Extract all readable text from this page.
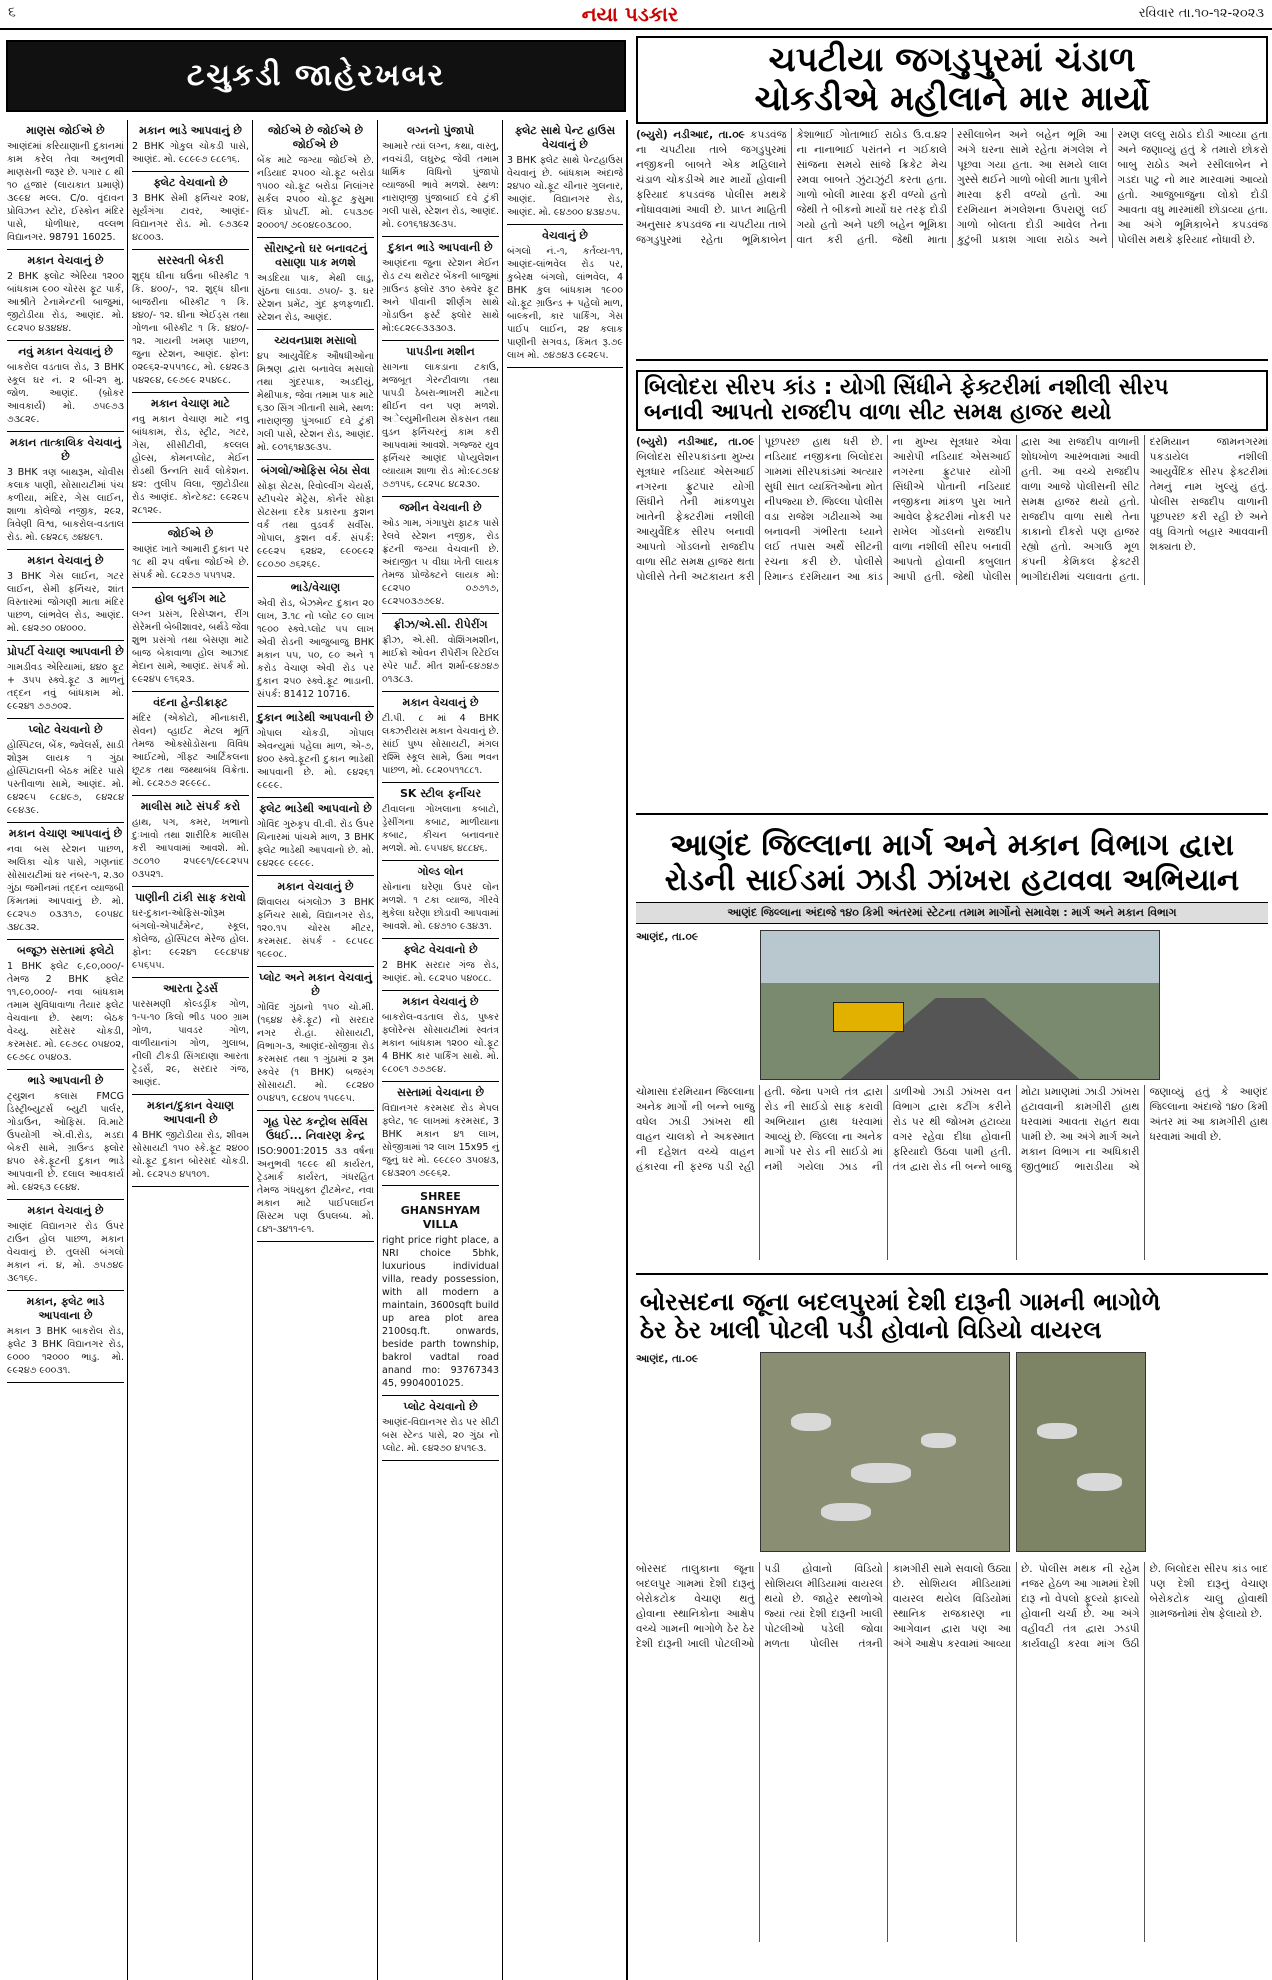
૬	નયા પડકાર	રવિવાર તા.૧૦-૧૨-૨૦૨૩
ટચુકડી જાહેરખબર
માણસ જોઈએ છે
આણંદમાં કરિયાણાની દુકાનમાં કામ કરેલ તેવા અનુભવી માણસની જરૂર છે. પગાર ૮ થી ૧૦ હજાર (લાયકાત પ્રમાણે) ૩૯૯૪ મલ્લ. C/o. વૃંદાવન પ્રોવિઝન સ્ટોર, ઈસ્કોન મંદિર પાસે, ધોળીધાર, વલ્લભ વિદ્યાનગર. 98791 16025.
મકાન વેચવાનું છે
2 BHK ફ્લોટ એરિયા ૧૨૦૦ બાંધકામ ૯૦૦ ચોરસ ફૂટ પાર્ક, આશ્રીતે ટેનામેન્ટની બાજુમાં, જીટોડીયા રોડ, આણંદ. મો. ૯૮૨૫૦ ૪૩૪૪૪.
નવું મકાન વેચવાનું છે
બાકરોલ વડતાલ રોડ, 3 BHK સ્કૂલ ઘર નં. ૨ બી-૨૧ મુ. જોળ. આણંદ. (બ્રોકર આવકાર્ય) મો. ૭૫૯૭૩ ૭૩૮૨૯.
મકાન તાત્કાલિક વેચવાનું છે
3 BHK ત્રણ બાથરૂમ, ચોવીસ કલાક પાણી, સોસાયટીમાં પંચ કળીયા, મંદિર, ગેસ લાઈન, શાળા કોલેજો નજીક, ૨૯૨, ત્રિવેણી વિશ્વ, બાકરોલ-વડતાલ રોડ. મો. ૯૪૨૮૬ ૭૪૪૯૧.
મકાન વેચવાનું છે
3 BHK ગેસ લાઈન, ગટર લાઈન, સેમી ફર્નિચર, શાંત વિસ્તારમાં જોગણી માતા મંદિર પાછળ, લાંભવેલ રોડ, આણંદ. મો. ૯૪૨૭૦ ૦૪૦૦૦.
પ્રોપર્ટી વેચાણ આપવાની છે
ગામડીવડ એરિયામાં, ૪૪૦ ફૂટ + ૩૫૫ સ્ક્વે.ફૂટ ૩ માળનું તદ્દન નવું બાંધકામ મો. ૯૯૨૪૧ ૭૭૭૦૨.
પ્લોટ વેચવાનો છે
હોસ્પિટલ, બેંક, જ્વેલર્સ, સાડી શોરૂમ લાયક ૧ ગુંઠા હોસ્પિટાલની બેઠક મંદિર પાસે પસ્તીવાળા સામે, આણંદ. મો. ૯૪૨૯૫ ૯૮૪૯૭, ૯૪૨૮૪ ૯૯૪૩૯.
મકાન વેચાણ આપવાનું છે
નવા બસ સ્ટેશન પાછળ, અલિકા ચોક પાસે, ગણનાંદ સોસાયટીમાં ઘર નંબર-૧, ૨.૩૦ ગુંઠા જમીનમાં તદ્દન વ્યાજબી કિંમતમાં આપવાનું છે. મો. ૯૮૨૫૭ ૦૩૩૧૭, ૯૦૫૪૮ ૩૪૮૩૨.
બજૂઝ સસ્તામાં ફ્લેટો
1 BHK ફ્લેટ ૯,૯૦,૦૦૦/- તેમજ 2 BHK ફ્લેટ ૧૧,૯૦,૦૦૦/- નવા બાંધકામ તમામ સુવિધાવાળા તૈયાર ફ્લેટ વેચવાના છે. સ્થળ: બેઠક વેચ્યુ. સદેસર ચોકડી, કરમસદ. મો. ૯૯૭૯૮ ૦૫૪૦૨, ૯૯૭૯૮ ૦૫૪૦૩.
ભાડે આપવાની છે
ટ્યુશન કલાસ FMCG ડિસ્ટ્રીબ્યુટર્સ બ્યુટી પાર્લર, ગોડાઉન, ઓફિસ. વિ.માટે ઉપયોગી એ.વી.રોડ, મડદા બેકરી સામે, ગ્રાઉન્ડ ફ્લોર ૪૫૦ સ્કે.ફૂટની દુકાન ભાડે આપવાની છે. દલાલ આવકાર્ય મો. ૯૪૨૬૩ ૯૯૪૪.
મકાન વેચવાનું છે
આણંદ વિદ્યાનગર રોડ ઉપર ટાઉન હોલ પાછળ, મકાન વેચવાનું છે. તુલસી બંગલો મકાન નં. ૪, મો. ૭૫૭૪૯ ૩૯૧૬૯.
મકાન, ફ્લેટ ભાડે આપવાના છે
મકાન 3 BHK બાકરોલ રોડ, ફ્લેટ 3 BHK વિદ્યાનગર રોડ, ૯૦૦૦ ૧૨૦૦૦ ભાડુ. મો. ૯૯૨૪૭ ૯૦૦૩૧.
મકાન ભાડે આપવાનું છે
2 BHK ગોકુલ ચોકડી પાસે, આણંદ. મો. ૯૮૯૯૭ ૯૮૯૧૬.
ફ્લેટ વેચવાનો છે
3 BHK સેમી ફર્નિચર ૨૦૪, સૂર્યગંગા ટાવર, આણંદ-વિદ્યાનગર રોડ. મો. ૯૭૩૯૨ ૪૮૦૦૩.
સરસ્વતી બેકરી
શુદ્ધ ઘીના ઘઉંના બીસ્કીટ ૧ કિ. ૪૦૦/-, ૧૨. શુદ્ધ ઘીના બાજરીના બીસ્કીટ ૧ કિ. ૪૪૦/- ૧૨. ઘીના એઈડ્સ તથા ગોળના બીસ્કીટ ૧ કિ. ૪૪૦/- ૧૨. ગાયની ખમણ પાછળ, જુના સ્ટેશન, આણંદ. ફોન: ૦૨૯૬૨-૨૫૫૧૯૮, મો. ૯૪૨૯૩ ૫૪૨૯૪, ૯૯૭૯૯ ૨૫૪૯૮.
મકાન વેચાણ માટે
નવુ મકાન વેચાણ માટે નવુ બાંધકામ, રોડ, સ્ટ્રીટ, ગટર, ગેસ, સીસીટીવી, કલ્લલ હોલ્સ, કોમનપ્લોટ, મેઈન રોડથી ઉન્નતિ સાર્વ લોકેશન. ૪૨: તુલીપ વિલા, જીટોડીયા રોડ આણંદ. કોન્ટેક્ટ: ૯૯૨૯૫ ૨૮૧૨૯.
જોઈએ છે
આણંદ ખાતે આમારી દુકાન પર ૧૮ થી ૨૫ વર્ષના જોઈએ છે. સંપર્ક મો. ૯૮૨૭૭ ૫૫૧૫૨.
હોલ બુકીંગ માટે
લગ્ન પ્રસંગ, રિસેપ્શન, રીંગ સેરેમની બેબીશાવર, બર્થડે જેવા શુભ પ્રસંગો તથા બેસણા માટે બાજ બેકાવાળા હોલ આઝાદ મેદાન સામે, આણંદ. સંપર્ક મો. ૯૯૨૪૫ ૯૧૬૨૩.
વંદના હેન્ડીક્રાફ્ટ
મંદિર (એકોટો, મીનાકારી, સેવન) વ્હાઈટ મેટલ મૂર્તિ તેમજ ઓક્સોડોસના વિવિધ આઈટમો, ગીફ્ટ આર્ટિકલના છૂટક તથા જથ્થાબંધ વિક્રેતા. મો. ૯૮૨૭૭ ૨૯૯૯૮.
માલીસ માટે સંપર્ક કરો
હાથ, પગ, કમર, ખભાનો દુઃખાવો તથા શારીરિક માલીસ કરી આપવામાં આવશે. મો. ૭૮૦૧૦ ૨૫૯૯૧/૯૯૮૨૫૫ ૦૩૫૨૧.
પાણીની ટાંકી સાફ કરાવો
ઘર-દુકાન-ઓફિસ-શોરૂમ બંગલો-એપાર્ટમેન્ટ, સ્કૂલ, કોલેજ, હોસ્પિટલ મેરેજ હોલ. ફોન: ૯૯૨૪૧ ૯૯૮૪૫૪ ૯૫૬૫૫.
આરતા ટ્રેડર્સ
પારસમણી કોલ્ડડ્રીંક ગોળ, ૧-૫-૧૦ કિલો ભીડ ૫૦૦ ગ્રામ ગોળ, પાવડર ગોળ, વાળીયાનાંગ ગોળ, ગુલાબ, નીલી ટીકડી સિંગદાણા આરતા ટ્રેડર્સ, ૨૯, સરદાર ગંજ, આણંદ.
મકાન/દુકાન વેચાણ આપવાની છે
4 BHK જીટોડીયા રોડ, શીવમ સોસાયટી ૧૫૦ સ્કે.ફૂટ ૨૪૦૦ ચો.ફૂટ દુકાન બોરસદ ચોકડી. મો. ૯૮૨૫૭ ૪૫૧૦૧.
જોઈએ છે જોઈએ છે જોઈએ છે
બેંક માટે જગ્યા જોઈએ છે. નડિયાદ ૨૫૦૦ ચો.ફૂટ બરોડા ૧૫૦૦ ચો.ફૂટ બરોડા નિલાંગર સર્કલ ૨૫૦૦ ચો.ફૂટ કુસુમા લિંક પ્રોપર્ટી. મો. ૯૫૩૭૯ ૨૦૦૦૧/ ૭૯૦૪૯૦૩૮૦૦.
સૌરાષ્ટ્રનો ઘર બનાવટનું વસાણા પાક મળશે
અડદિયા પાક, મેથી લાડુ, સુંઠના લાડવા. ૭૫૦/- રૂ. ઘર સ્ટેશન પ્રમેંટ, ગુંદ ફળફળાદી. સ્ટેશન રોડ, આણંદ.
ચ્યવનપ્રાશ મસાલો
૪૫ આયુર્વેદિક ઔષધીઓના મિશ્રણ દ્વારા બનાવેલ મસાલો તથા ગુંદરપાક, અડદીયું, મેથીપાક, જેવા તમામ પાક માટે ૬૩૦ સિંગ ગીતાની સામે, સ્થળ: નારાણજી પુંગબાઈ દવે ટુંકી ગલી પાસે, સ્ટેશન રોડ, આણંદ. મો. ૯૦૧૬૧૪૩૯૩૫.
બંગલો/ઓફિસ બેઠા સેવા
સોફા સેટસ, રિવોલ્વીંગ ચેયર્સ, સ્ટીપચેર મેટ્રેસ, કોર્નર સોફા સેટસના દરેક પ્રકારના કુશન વર્ક તથા વુડવર્ક સર્વીસ. ગોપાલ, કુશન વર્ક. સંપર્ક: ૯૯૯૨૫ ૬૨૪૨, ૯૯૦૯૯૨ ૯૮૦૭૦ ૭૬૨૬૯.
ભાડે/વેચાણ
એવી રોડ, બેઝમેન્ટ દુકાન ૨૦ લાખ, 3.૧૮ નો પ્લોટ ૯૦ લાખ ૧૯૦૦ સ્ક્વે.પ્લોટ ૫૫ લાખ એવી રોડની આજુબાજુ BHK મકાન ૫૫, ૫૦, ૯૦ અને ૧ કરોડ વેચાણ એવી રોડ પર દુકાન ૨૫૦ સ્ક્વે.ફૂટ ભાડાની. સંપર્ક: 81412 10716.
દુકાન ભાડેથી આપવાની છે
ગોપાલ ચોકડી, ગોપાલ એવન્યુમાં પહેલા માળ, એ-૭, ૪૦૦ સ્ક્વે.ફૂટની દુકાન ભાડેથી આપવાની છે. મો. ૯૪૨૬૧ ૯૯૯૯.
ફ્લેટ ભાડેથી આપવાનો છે
ગોવિંદ ગુરુકૃપ વી.વી. રોડ ઉપર ચિનારમાં પાંચમે માળ, 3 BHK ફ્લેટ ભાડેથી આપવાનો છે. મો. ૯૪૨૯૯ ૯૯૯૯.
મકાન વેચવાનું છે
શિવાલય બંગલોઝ 3 BHK ફર્નિચર સાથે, વિદ્યાનગર રોડ, ૧૨૦.૧૫ ચોરસ મીટર, કરમસદ. સંપર્ક - ૯૮૫૯૮ ૧૯૯૦૮.
પ્લોટ અને મકાન વેચવાનું છે
ગોવિંદ ગુંઠાનો ૧૫૦ ચો.મી. (૧૬૪૪ સ્કે.ફૂટ) નો સરદાર નગર રો.હા. સોસાયટી, વિભાગ-૩, આણંદ-સોજીત્રા રોડ કરમસદ તથા ૧ ગુંઠામાં ૨ રૂમ સ્કવેર (૧ BHK) બજરંગ સોસાયટી. મો. ૯૮૨૪૦ ૦૫૪૫૧, ૯૮૪૦૫ ૧૫૯૯૫.
ગૃહ પેસ્ટ કન્ટ્રોલ સર્વિસ ઉધઈ... નિવારણ કેન્દ્ર
ISO:9001:2015 ૩૩ વર્ષના અનુભવી ૧૯૯૯ થી કાર્યરત, ટ્રેડમાર્ક કાર્યરત, ગંધરહિત તેમજ ગંધયુક્ત ટ્રીટમેન્ટ, નવા મકાન માટે પાઈપલાઈન સિસ્ટમ પણ ઉપલબ્ધ. મો. ૮૪૧-૩૪૧૧-૯૧.
લગ્નનો પુંજાપો
આમારે ત્યાં લગ્ન, કથા, વાસ્તુ, નવચંડી, લઘુરુદ્ર જેવી તમામ ધાર્મિક વિધિનો પુંજાપો વ્યાજબી ભાવે મળશે. સ્થળ: નારાણજી પુંજાબાઈ દવે ટુંકી ગલી પાસે, સ્ટેશન રોડ, આણંદ. મો. ૯૦૧૬૧૪૩૯૩૫.
દુકાન ભાડે આપવાની છે
આણંદના જુના સ્ટેશન મેઈન રોડ ટચ થરોટર બેંકની બાજુમાં ગ્રાઉન્ડ ફ્લોર ૩૧૦ સ્ક્વેર ફૂટ અને પીવાની શીર્ણગ સાથે ગોડાઉન ફર્સ્ટ ફ્લોર સાથે મો:૯૮૨૯૯૩૩૩૦૩.
પાપડીના મશીન
સાગના લાકડાના ટકાઉ, મજબૂત ગેરન્ટીવાળા તથા પાપડી ઠેબરા-ભાખરી માટેના થીઈન વન પણ મળશે. અેલ્યુમીનીયમ સેકસન તથા વુડન ફર્નિચરનું કામ કરી આપવામાં આવશે. ગજ્જર યુવ ફર્નિચર આણંદ પોપ્યુલેશન વ્યાયામ શાળા રોડ મો:૯૮૭૯૪ ૭૭૧૫૬, ૯૮૨૫૮ ૪૮૨૩૦.
જમીન વેચવાની છે
ઓડ ગામ, ગંગાપુરા ફાટક પાસે રેલવે સ્ટેશન નજીક, રોડ ફ્રંટની જગ્યા વેચવાની છે. અંદાજીત ૫ વીઘા ખેતી લાયક તેમજ પ્રોજેક્ટને લાયક મો: ૯૮૨૫૦ ૦૭૭૧૭, ૯૮૨૫૦૩૭૭૯૪.
ફ્રીઝ/એ.સી. રીપેરીંગ
ફ્રીઝ, એ.સી. વોશિંગમશીન, માઈક્રો ઓવન રીપેરીંગ રિટેઈલ સ્પેર પાર્ટ. મીત શર્મા-૯૪૭૪૭ ૦૧૩૮૩.
મકાન વેચવાનું છે
ટી.પી. ૮ માં 4 BHK લક્ઝરીયસ મકાન વેચવાનું છે. સાંઈ પુષ્પ સોસાયટી, મંગલ રશ્મિ સ્કૂલ સામે, ઉમા ભવન પાછળ, મો. ૯૮૨૦૫૧૧૮૮૧.
SK સ્ટીલ ફર્નીચર
ટીવાલના ગોખલાના કબાટો, ડ્રેસીંગના કબાટ, માળીયાના કબાટ, કીચન બનાવનાર મળશે. મો. ૯૫૫૪૬ ૪૮૮૪૬.
ગોલ્ડ લોન
સોનાના ઘરેણા ઉપર લોન મળશે. ૧ ટકા વ્યાજ, ગીરવે મુકેલા ઘરેણા છોડાવી આપવામાં આવશે. મો. ૯૪૭૧૦ ૯૩૪૩૧.
ફ્લેટ વેચવાનો છે
2 BHK સરદાર ગંજ રોડ, આણંદ. મો. ૯૮૨૫૦ ૫૪૦૮૮.
મકાન વેચવાનું છે
બાકરોલ-વડતાલ રોડ, પુષ્કર ફ્લોરેન્સ સોસાયટીમાં સ્વતંત્ર મકાન બાંધકામ ૧૨૦૦ ચો.ફૂટ 4 BHK કાર પાર્કિંગ સાથે. મો. ૯૮૦૯૧ ૭૭૭૯૪.
સસ્તામાં વેચવાના છે
વિદ્યાનગર કરમસદ રોડ મેપલ ફ્લેટ, ૧૯ લાખમાં કરમસદ, 3 BHK મકાન ૪૧ લાખ, સોજીત્રામાં ૧૨ લાખ 15x95 નું જુનું ઘર મો. ૯૯૮૯૦ ૩૫૦૪૩, ૯૪૩૨૦૧ ૭૯૯૬૨.
SHREE GHANSHYAM VILLA
right price right place, a NRI choice 5bhk, luxurious individual villa, ready possession, with all modern a maintain, 3600sqft build up area plot area 2100sq.ft. onwards, beside parth township, bakrol vadtal road anand mo: 93767343 45, 9904001025.
પ્લોટ વેચવાનો છે
આણંદ-વિદ્યાનગર રોડ પર સીટી બસ સ્ટેન્ડ પાસે, ૨૦ ગુંઠા નો પ્લોટ. મો. ૯૪૨૭૦ ૪૫૧૯૩.
ફ્લેટ સાથે પેન્ટ હાઉસ વેચવાનું છે
3 BHK ફ્લેટ સાથે પેન્ટહાઉસ વેચવાનું છે. બાંધકામ અંદાજે ૨૪૫૦ ચો.ફૂટ ચીનાર ગુલનાર, આણંદ. વિદ્યાનગર રોડ, આણંદ. મો. ૯૪૭૦૦ ૪૩૪૭૫.
વેચવાનું છે
બંગલો નં.-૧, કર્તવ્ય-૧૧, આણંદ-લાંભવેલ રોડ પર, કુબેરક્ષ બંગલો, લાંભવેલ, 4 BHK કુલ બાંધકામ ૧૯૦૦ ચો.ફૂટ ગ્રાઉન્ડ + પહેલો માળ, બાલ્કની, કાર પાર્કિંગ, ગેસ પાઈપ લાઈન, ૨૪ કલાક પાણીની સગવડ, કિંમત રૂ.૭૯ લાખ મો. ૭૪૭૪૩ ૯૯૨૯૫.
ચપટીયા જગડુપુરમાં ચંડાળ
ચોકડીએ મહીલાને માર માર્યો
(બ્યુરો) નડીઆદ, તા.૦૯ કપડવંજ ના ચપટીયા તાબે જગડુપુરમાં નજીકની બાબતે એક મહિલાને ચંડાળ ચોકડીએ માર માર્યો હોવાની ફરિયાદ કપડવંજ પોલીસ મથકે નોંધાવવામાં આવી છે. પ્રાપ્ત માહિતી અનુસાર કપડવંજ ના ચપટીયા તાબે જગડુપુરમાં રહેતા ભૂમિકાબેન કેશાભાઈ ગોતાભાઈ રાઠોડ ઉ.વ.૪૨ ના નાનાભાઈ પરાંતને ન ગઈકાલે સાંજના સમયે સાંજે ક્રિકેટ મેચ રમવા બાબતે ઝુંટાઝુંટી કરતા હતા. ગાળો બોલી મારવા ફરી વળ્યો હતો જેથી તે બીકનો માર્યો ઘર તરફ દોડી ગયો હતો અને પછી બહેન ભૂમિકા વાત કરી હતી. જેથી માતા રસીલાબેન અને બહેન ભૂમિ આ અંગે ઘરના સામે રહેતા મંગલેશ ને પૂછવા ગયા હતા. આ સમયે લાલ ગુસ્સે થઈને ગાળો બોલી માતા પુત્રીને મારવા ફરી વળ્યો હતો. આ દરમિયાન મંગલેશના ઉપરાણું લઈ ગાળો બોલતા દોડી આવેલ તેના કુટુંબી પ્રકાશ ગાલા રાઠોડ અને રમણ લલ્લુ રાઠોડ દોડી આવ્યા હતા અને જણાવ્યું હતું કે તમારો છોકરો બાબુ રાઠોડ અને રસીલાબેન ને ગડદા પાટુ નો માર મારવામાં આવ્યો હતો. આજુબાજુના લોકો દોડી આવતા વધુ મારમાંથી છોડાવ્યા હતા. આ અંગે ભૂમિકાબેને કપડવંજ પોલીસ મથકે ફરિયાદ નોંધાવી છે.
બિલોદરા સીરપ કાંડ : યોગી સિંધીને ફેક્ટરીમાં નશીલી સીરપ
બનાવી આપતો રાજદીપ વાળા સીટ સમક્ષ હાજર થયો
(બ્યુરો) નડીઆદ, તા.૦૯ બિલોદરા સીરપકાંડના મુખ્ય સૂત્રધાર નડિયાદ એસઆઈ નગરના ફ્રુટપાર યોગી સિંધીને તેની માંકળપુરા ખાતેની ફેક્ટરીમાં નશીલી આયુર્વેદિક સીરપ બનાવી આપતો ગોંડલનો રાજદીપ વાળા સીટ સમક્ષ હાજર થતા પોલીસે તેની અટકાયત કરી પૂછપરછ હાથ ધરી છે. નડિયાદ નજીકના બિલોદરા ગામમાં સીરપકાંડમાં અત્યાર સુધી સાત વ્યક્તિઓના મોત નીપજ્યા છે. જિલ્લા પોલીસ વડા રાજેશ ગઢીયાએ આ બનાવની ગંભીરતા ધ્યાને લઈ તપાસ અર્થે સીટની રચના કરી છે. પોલીસે રિમાન્ડ દરમિયાન આ કાંડ ના મુખ્ય સૂત્રધાર એવા આરોપી નડિયાદ એસઆઈ નગરના ફ્રુટપાર યોગી સિંધીએ પોતાની નડિયાદ નજીકના માંકળ પુરા ખાતે આવેલ ફેક્ટરીમાં નોકરી પર રાખેલ ગોંડલનો રાજદીપ વાળા નશીલી સીરપ બનાવી આપતો હોવાની કબુલાત આપી હતી. જેથી પોલીસ દ્વારા આ રાજદીપ વાળાની શોધખોળ આરંભવામાં આવી હતી. આ વચ્ચે રાજદીપ વાળા આજે પોલીસની સીટ સમક્ષ હાજર થયો હતો. રાજદીપ વાળા સાથે તેના કાકાનો દીકરો પણ હાજર રહ્યો હતો. અગાઉ મૂળ કંપની કેમિકલ ફેક્ટરી ભાગીદારીમાં ચલાવતા હતા. દરમિયાન જામનગરમાં પકડાયેલ નશીલી આયુર્વેદિક સીરપ ફેક્ટરીમાં તેમનું નામ ખુલ્યું હતું. પોલીસ રાજદીપ વાળાની પૂછપરછ કરી રહી છે અને વધુ વિગતો બહાર આવવાની શક્યતા છે.
આણંદ જિલ્લાના માર્ગ અને મકાન વિભાગ દ્વારા
રોડની સાઈડમાં ઝાડી ઝાંખરા હટાવવા અભિયાન
આણંદ જિલ્લાના અંદાજે ૧૪૦ કિમી અંતરમાં સ્ટેટના તમામ માર્ગોનો સમાવેશ : માર્ગ અને મકાન વિભાગ
આણંદ, તા.૦૯
ચોમાસા દરમિયાન જિલ્લાના અનેક માર્ગો ની બન્ને બાજુ વધેલ ઝાડી ઝાંખરા થી વાહન ચાલકો ને અકસ્માત ની દહેશત વચ્ચે વાહન હંકારવા ની ફરજ પડી રહી હતી. જેના પગલે તંત્ર દ્વારા રોડ ની સાઈડો સાફ કરાવી અભિયાન હાથ ધરવામાં આવ્યું છે. જિલ્લા ના અનેક માર્ગો પર રોડ ની સાઈડો માં નમી ગયેલા ઝાડ ની ડાળીઓ ઝાડી ઝાંખરા વન વિભાગ દ્વારા કટીંગ કરીને રોડ પર થી જોખમ હટાવ્યા વગર રહેવા દીધા હોવાની ફરિયાદો ઉઠવા પામી હતી. તંત્ર દ્વારા રોડ ની બન્ને બાજુ મોટા પ્રમાણમાં ઝાડી ઝાંખરા હટાવવાની કામગીરી હાથ ધરવામાં આવતા રાહત થવા પામી છે. આ અંગે માર્ગ અને મકાન વિભાગ ના અધિકારી જીતુભાઈ ભારાડીયા એ જણાવ્યું હતું કે આણંદ જિલ્લાના અંદાજે ૧૪૦ કિમી અંતર માં આ કામગીરી હાથ ધરવામાં આવી છે.
બોરસદના જૂના બદલપુરમાં દેશી દારૂની ગામની ભાગોળે
ઠેર ઠેર ખાલી પોટલી પડી હોવાનો વિડિયો વાયરલ
આણંદ, તા.૦૯
બોરસદ તાલુકાના જૂના બદલપુર ગામમાં દેશી દારૂનું બેરોકટોક વેચાણ થતું હોવાના સ્થાનિકોના આક્ષેપ વચ્ચે ગામની ભાગોળે ઠેર ઠેર દેશી દારૂની ખાલી પોટલીઓ પડી હોવાનો વિડિયો સોશિયલ મીડિયામાં વાયરલ થયો છે. જાહેર સ્થળોએ જ્યાં ત્યાં દેશી દારૂની ખાલી પોટલીઓ પડેલી જોવા મળતા પોલીસ તંત્રની કામગીરી સામે સવાલો ઉઠ્યા છે. સોશિયલ મીડિયામાં વાયરલ થયેલ વિડિયોમાં સ્થાનિક રાજકારણ ના આગેવાન દ્વારા પણ આ અંગે આક્ષેપ કરવામાં આવ્યા છે. પોલીસ મથક ની રહેમ નજર હેઠળ આ ગામમાં દેશી દારૂ નો વેપલો ફૂલ્યો ફાલ્યો હોવાની ચર્ચા છે. આ અંગે વહીવટી તંત્ર દ્વારા ઝડપી કાર્યવાહી કરવા માંગ ઉઠી છે. બિલોદરા સીરપ કાંડ બાદ પણ દેશી દારૂનું વેચાણ બેરોકટોક ચાલુ હોવાથી ગ્રામજનોમાં રોષ ફેલાયો છે.
